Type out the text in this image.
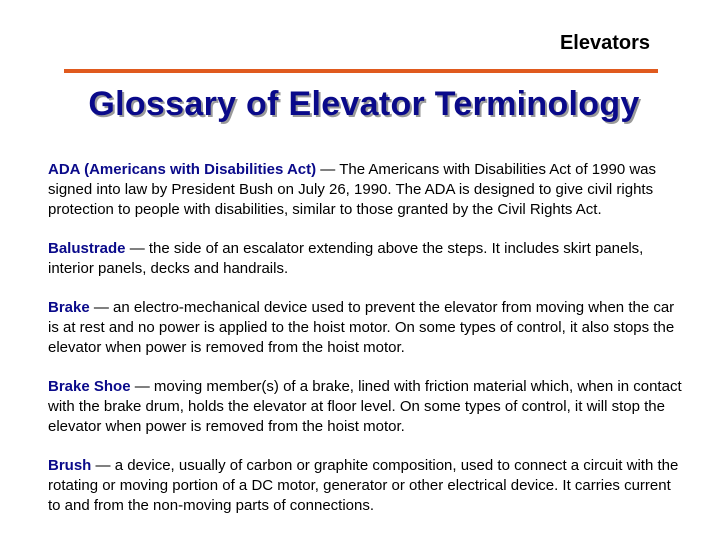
Elevators
Glossary of Elevator Terminology

ADA (Americans with Disabilities Act) — The Americans with Disabilities Act of 1990 was signed into law by President Bush on July 26, 1990. The ADA is designed to give civil rights protection to people with disabilities, similar to those granted by the Civil Rights Act.

Balustrade — the side of an escalator extending above the steps. It includes skirt panels, interior panels, decks and handrails.

Brake — an electro-mechanical device used to prevent the elevator from moving when the car is at rest and no power is applied to the hoist motor. On some types of control, it also stops the elevator when power is removed from the hoist motor.

Brake Shoe — moving member(s) of a brake, lined with friction material which, when in contact with the brake drum, holds the elevator at floor level. On some types of control, it will stop the elevator when power is removed from the hoist motor.

Brush — a device, usually of carbon or graphite composition, used to connect a circuit with the rotating or moving portion of a DC motor, generator or other electrical device. It carries current to and from the non-moving parts of connections.
